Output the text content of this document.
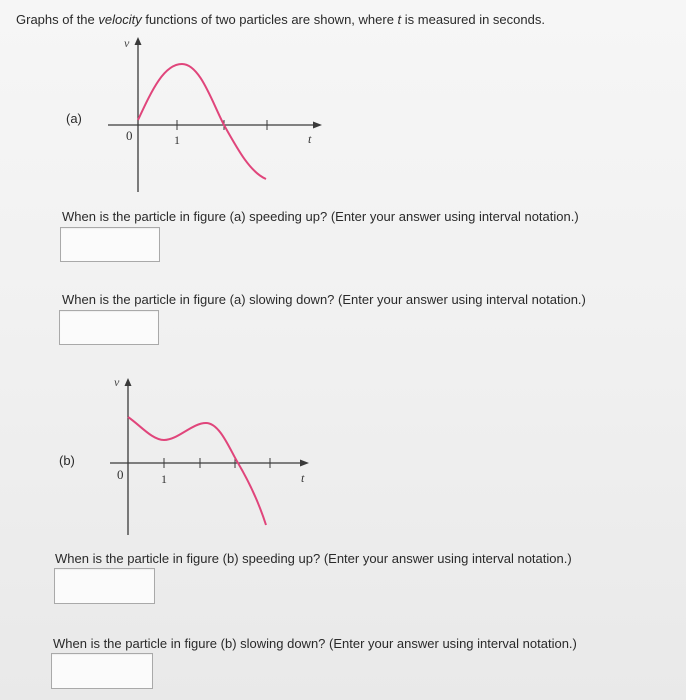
Graphs of the velocity functions of two particles are shown, where t is measured in seconds.
(a)
v
0	1	t
When is the particle in figure (a) speeding up? (Enter your answer using interval notation.)
When is the particle in figure (a) slowing down? (Enter your answer using interval notation.)
(b)
v
0	1	t
When is the particle in figure (b) speeding up? (Enter your answer using interval notation.)
When is the particle in figure (b) slowing down? (Enter your answer using interval notation.)
